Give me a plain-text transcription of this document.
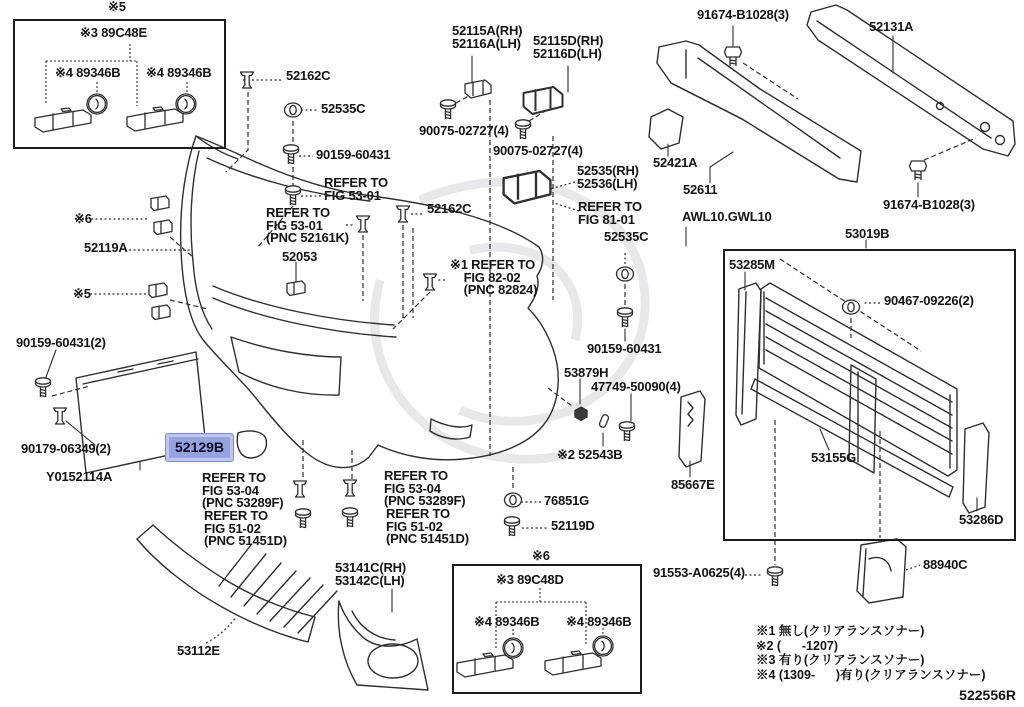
※5
※3 89C48E
※4 89346B ※4 89346B	52162C
52535C
90159-60431
REFER TO
FIG 53-01
REFER TO
FIG 53-01
(PNC 52161K)
52053
52162C
※1 REFER TO
FIG 82-02
(PNC 82824)
52115A(RH)
52116A(LH) 52115D(RH)
52116D(LH)
90075-02727(4)
90075-02727(4)
52535(RH)
52536(LH)
REFER TO
FIG 81-01
52535C
52421A
52611
AWL10.GWL10
91674-B1028(3)
52131A
91674-B1028(3)
53019B
53285M
90467-09226(2)
53155G
85667E
53286D
91553-A0625(4)
88940C
※6
52119A
※5
90159-60431(2)
90179-06349(2)
Y0152114A	REFER TO
FIG 53-04
(PNC 53289F)
REFER TO
FIG 51-02
(PNC 51451D)
REFER TO
FIG 53-04
(PNC 53289F)
REFER TO
FIG 51-02
(PNC 51451D)
76851G
52119D
90159-60431
53879H
47749-50090(4)
※2 52543B
53141C(RH)
53142C(LH)
53112E
※6
※3 89C48D
※4 89346B ※4 89346B
52129B
※1 無し(クリアランスソナー)
※2 (      -1207)
※3 有り(クリアランスソナー)
※4 (1309-      )有り(クリアランスソナー)
522556R
